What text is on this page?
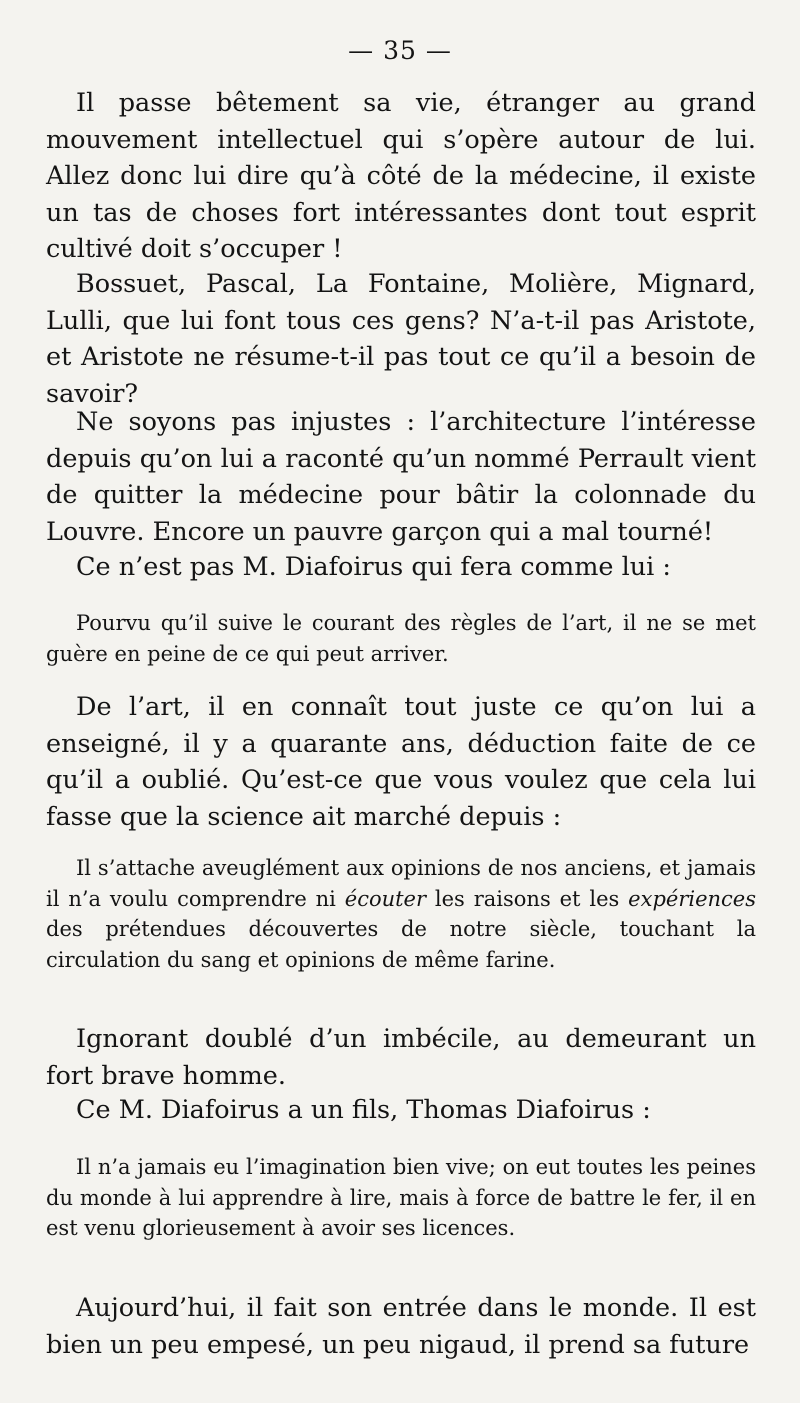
— 35 —

Il passe bêtement sa vie, étranger au grand mouvement intellectuel qui s’opère autour de lui. Allez donc lui dire qu’à côté de la médecine, il existe un tas de choses fort intéressantes dont tout esprit cultivé doit s’occuper !

Bossuet, Pascal, La Fontaine, Molière, Mignard, Lulli, que lui font tous ces gens? N’a-t-il pas Aristote, et Aristote ne résume-t-il pas tout ce qu’il a besoin de savoir?

Ne soyons pas injustes : l’architecture l’intéresse depuis qu’on lui a raconté qu’un nommé Perrault vient de quitter la médecine pour bâtir la colonnade du Louvre. Encore un pauvre garçon qui a mal tourné!

Ce n’est pas M. Diafoirus qui fera comme lui :

Pourvu qu’il suive le courant des règles de l’art, il ne se met guère en peine de ce qui peut arriver.

De l’art, il en connaît tout juste ce qu’on lui a enseigné, il y a quarante ans, déduction faite de ce qu’il a oublié. Qu’est-ce que vous voulez que cela lui fasse que la science ait marché depuis :

Il s’attache aveuglément aux opinions de nos anciens, et jamais il n’a voulu comprendre ni écouter les raisons et les expériences des prétendues découvertes de notre siècle, touchant la circulation du sang et opinions de même farine.

Ignorant doublé d’un imbécile, au demeurant un fort brave homme.

Ce M. Diafoirus a un fils, Thomas Diafoirus :

Il n’a jamais eu l’imagination bien vive; on eut toutes les peines du monde à lui apprendre à lire, mais à force de battre le fer, il en est venu glorieusement à avoir ses licences.

Aujourd’hui, il fait son entrée dans le monde. Il est bien un peu empesé, un peu nigaud, il prend sa future
